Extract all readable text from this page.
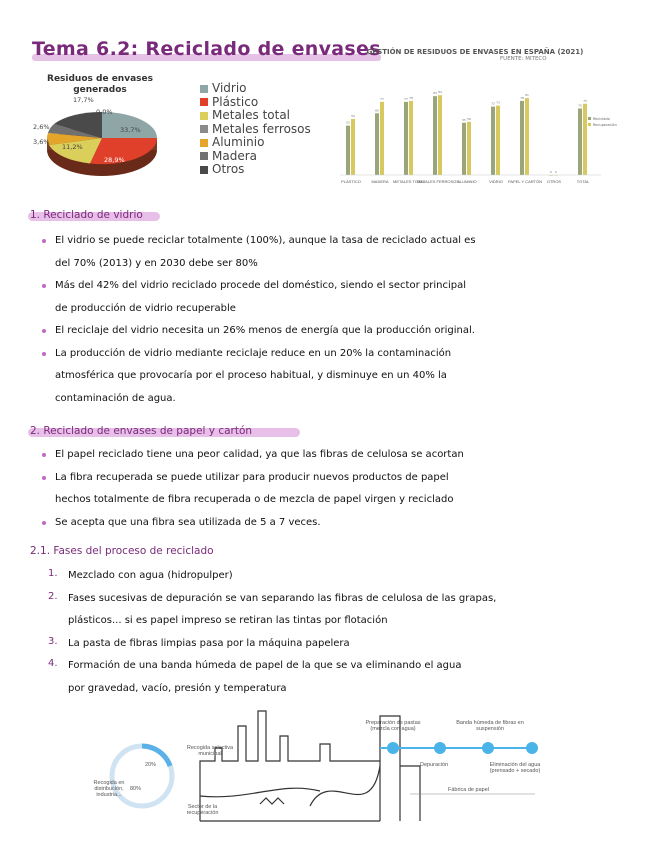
Tema 6.2: Reciclado de envases
Residuos de envases
generados
17,7%
0,0%
2,6%
3,6%
11,2%
33,7%
28,9%
Vidrio
Plástico
Metales total
Metales ferrosos
Aluminio
Madera
Otros
GESTIÓN DE RESIDUOS DE ENVASES EN ESPAÑA (2021)
FUENTE: MITECO
52
59
PLÁSTICO
65
77
MADERA
77 78
METALES TOTAL
83 84
METALES FERROSOS
55 56
ALUMINIO
72 73
VIDRIO
78
81
PAPEL Y CARTÓN
0 0
OTROS
70
75
TOTAL
Reciclado
Recuperación
1. Reciclado de vidrio
El vidrio se puede reciclar totalmente (100%), aunque la tasa de reciclado actual es
del 70% (2013) y en 2030 debe ser 80%
Más del 42% del vidrio reciclado procede del doméstico, siendo el sector principal
de producción de vidrio recuperable
El reciclaje del vidrio necesita un 26% menos de energía que la producción original.
La producción de vidrio mediante reciclaje reduce en un 20% la contaminación
atmosférica que provocaría por el proceso habitual, y disminuye en un 40% la
contaminación de agua.
2. Reciclado de envases de papel y cartón
El papel reciclado tiene una peor calidad, ya que las fibras de celulosa se acortan
La fibra recuperada se puede utilizar para producir nuevos productos de papel
hechos totalmente de fibra recuperada o de mezcla de papel virgen y reciclado
Se acepta que una fibra sea utilizada de 5 a 7 veces.
2.1. Fases del proceso de reciclado
1. Mezclado con agua (hidropulper)
2. Fases sucesivas de depuración se van separando las fibras de celulosa de las grapas,
plásticos... si es papel impreso se retiran las tintas por flotación
3. La pasta de fibras limpias pasa por la máquina papelera
4. Formación de una banda húmeda de papel de la que se va eliminando el agua
por gravedad, vacío, presión y temperatura
Recogida selectiva municipal
Recogida en distribución, industria...
20%
80%
Sector de la recuperación
Preparación de pastas (mezcla con agua)
Banda húmeda de fibras en suspensión
Depuración	Eliminación del agua (prensado + secado)
Fábrica de papel
